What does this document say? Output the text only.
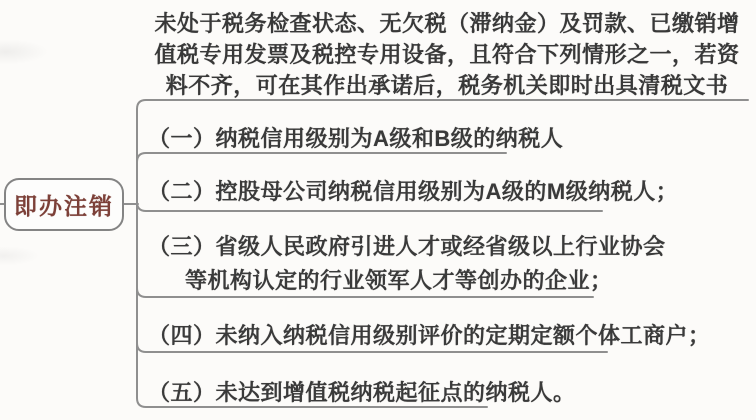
未处于税务检查状态、无欠税（滞纳金）及罚款、已缴销增
值税专用发票及税控专用设备，且符合下列情形之一，若资
料不齐，可在其作出承诺后，税务机关即时出具清税文书
（一）纳税信用级别为A级和B级的纳税人
（二）控股母公司纳税信用级别为A级的M级纳税人；
（三）省级人民政府引进人才或经省级以上行业协会
等机构认定的行业领军人才等创办的企业；
（四）未纳入纳税信用级别评价的定期定额个体工商户；
（五）未达到增值税纳税起征点的纳税人。
即办注销
